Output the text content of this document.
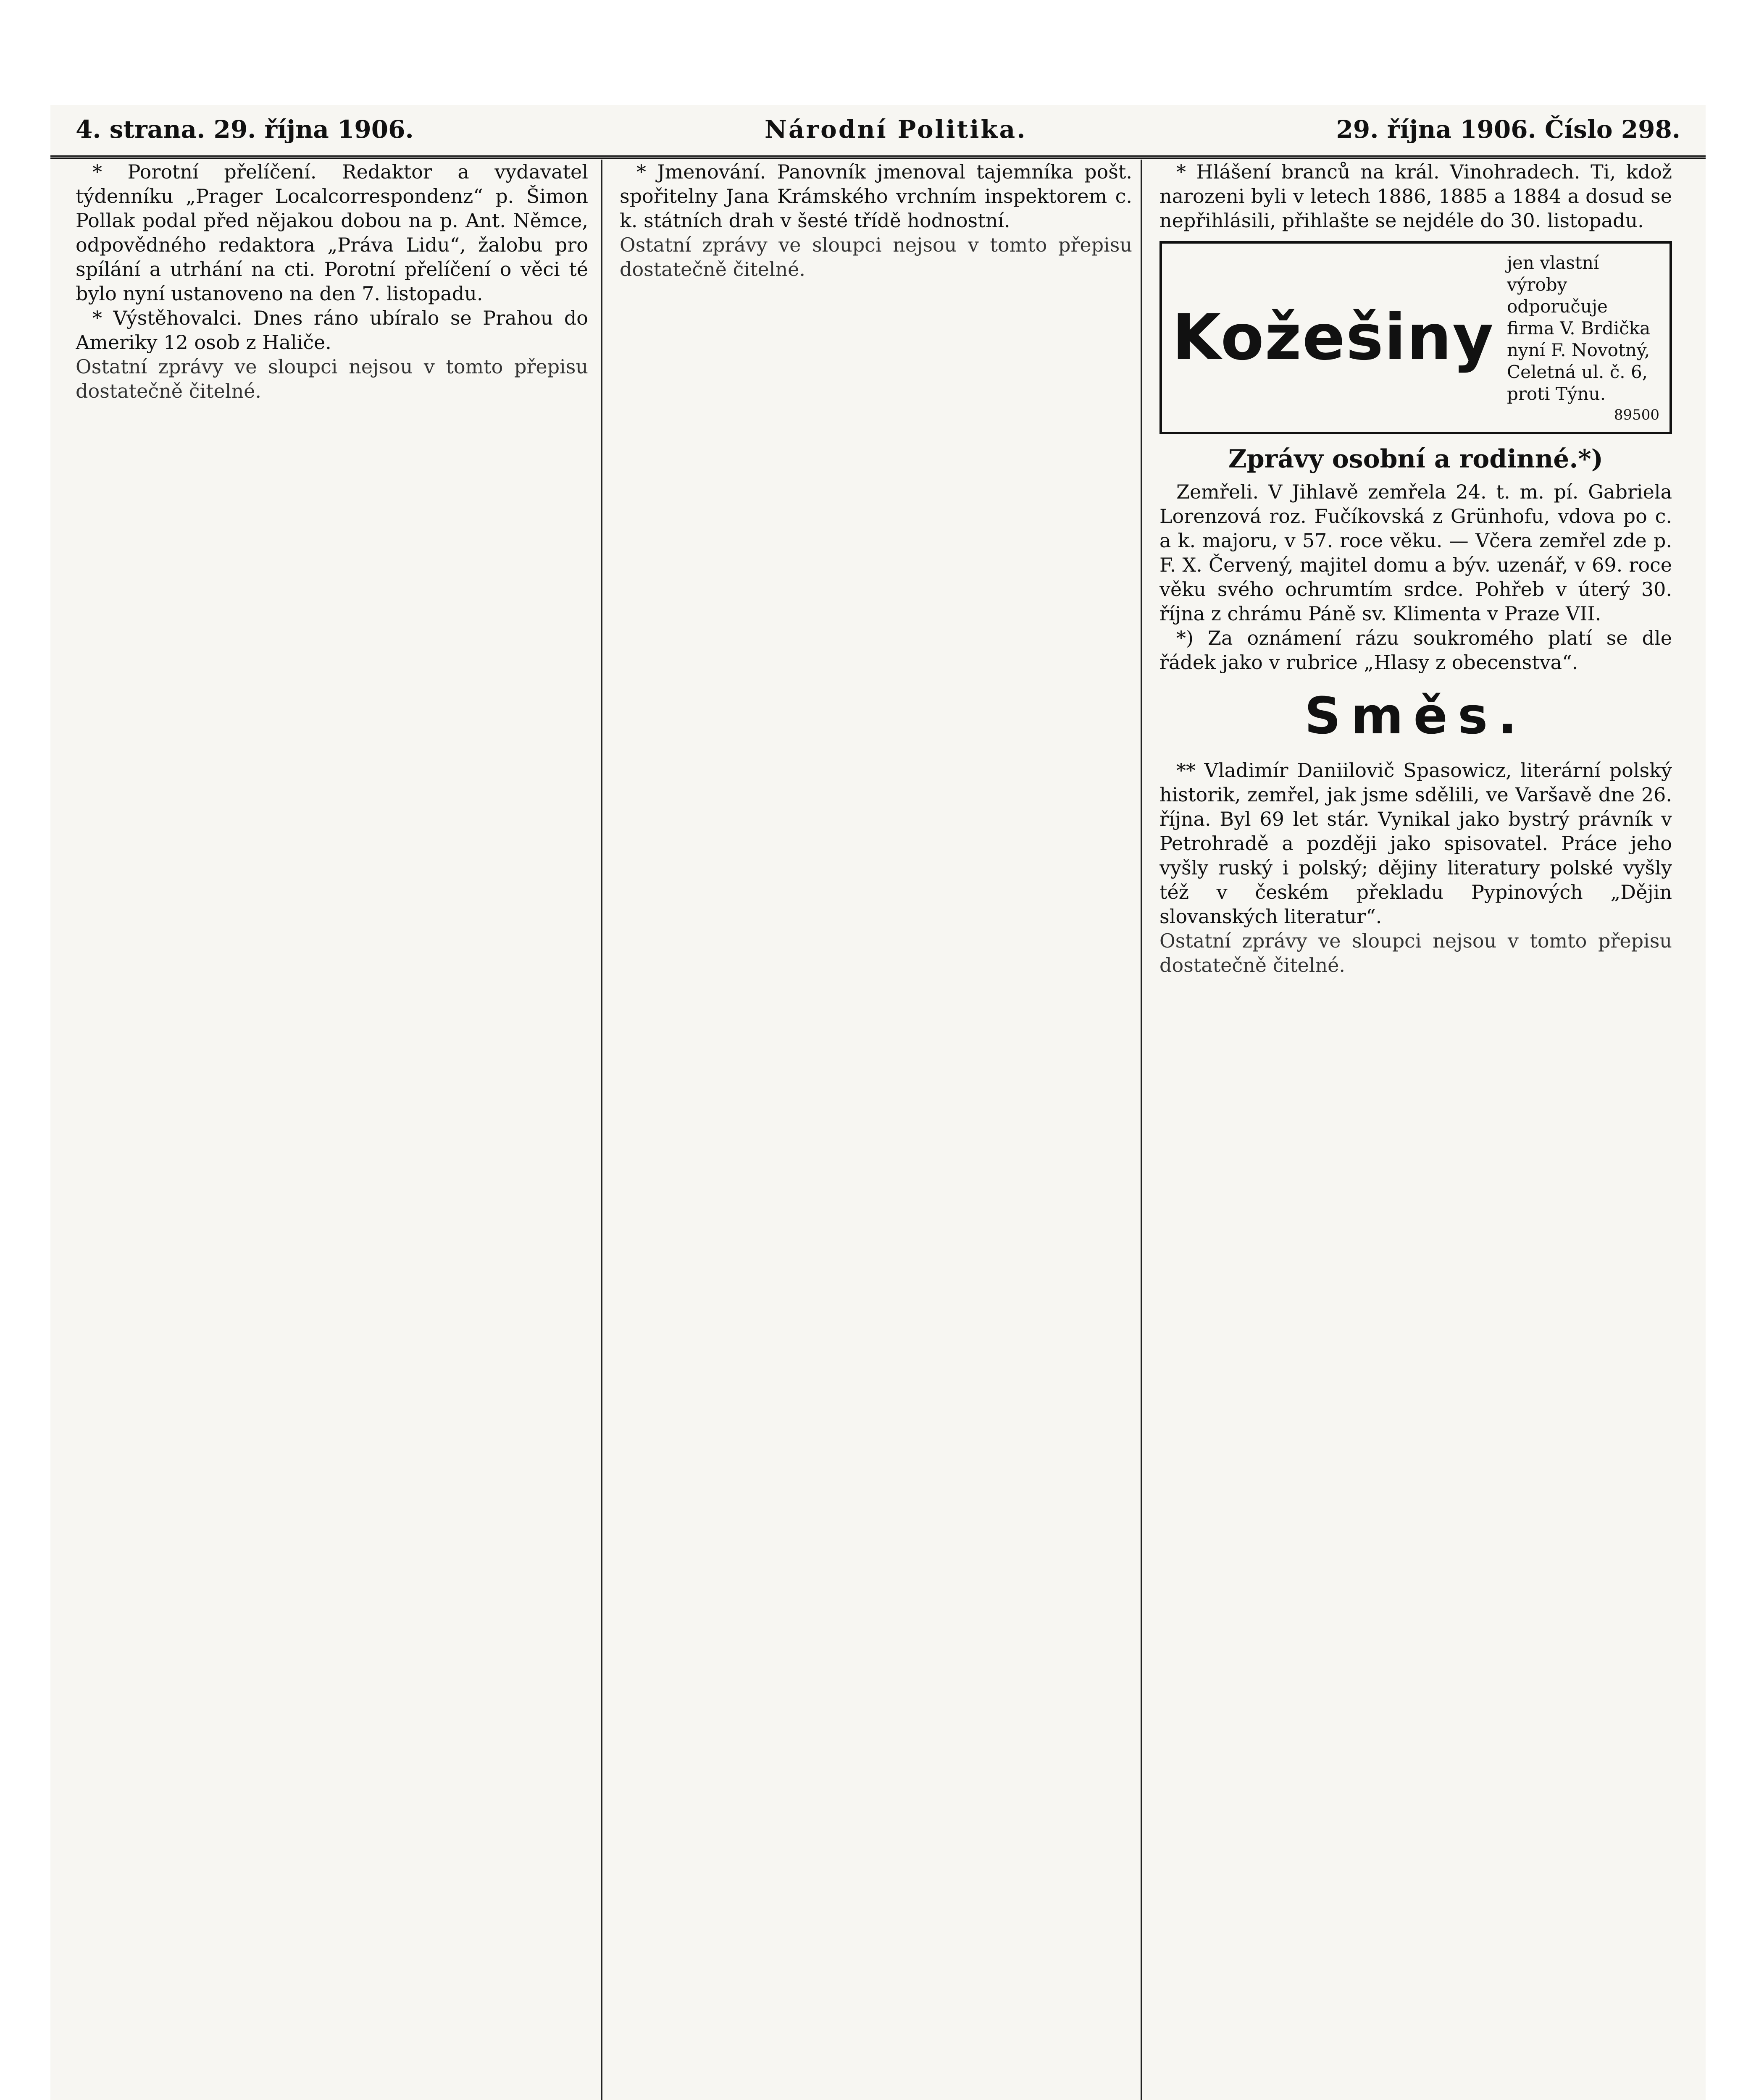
4. strana. 29. října 1906.	Národní Politika.	29. října 1906. Číslo 298.

* Porotní přelíčení. Redaktor a vydavatel týdenníku „Prager Localcorrespondenz“ p. Šimon Pollak podal před nějakou dobou na p. Ant. Němce, odpovědného redaktora „Práva Lidu“, žalobu pro spílání a utrhání na cti. Porotní přelíčení o věci té bylo nyní ustanoveno na den 7. listopadu.

* Výstěhovalci. Dnes ráno ubíralo se Prahou do Ameriky 12 osob z Haliče.

Ostatní zprávy ve sloupci nejsou v tomto přepisu dostatečně čitelné.

* Jmenování. Panovník jmenoval tajemníka pošt. spořitelny Jana Krámského vrchním inspektorem c. k. státních drah v šesté třídě hodnostní.

Ostatní zprávy ve sloupci nejsou v tomto přepisu dostatečně čitelné.

* Hlášení branců na král. Vinohradech. Ti, kdož narozeni byli v letech 1886, 1885 a 1884 a dosud se nepřihlásili, přihlašte se nejdéle do 30. listopadu.

Kožešiny
jen vlastní výroby odporučuje firma V. Brdička nyní F. Novotný, Celetná ul. č. 6, proti Týnu.
89500
Zprávy osobní a rodinné.*)

Zemřeli. V Jihlavě zemřela 24. t. m. pí. Gabriela Lorenzová roz. Fučíkovská z Grünhofu, vdova po c. a k. majoru, v 57. roce věku. — Včera zemřel zde p. F. X. Červený, majitel domu a býv. uzenář, v 69. roce věku svého ochrumtím srdce. Pohřeb v úterý 30. října z chrámu Páně sv. Klimenta v Praze VII.

*) Za oznámení rázu soukromého platí se dle řádek jako v rubrice „Hlasy z obecenstva“.

Směs.

** Vladimír Daniilovič Spasowicz, literární polský historik, zemřel, jak jsme sdělili, ve Varšavě dne 26. října. Byl 69 let stár. Vynikal jako bystrý právník v Petrohradě a později jako spisovatel. Práce jeho vyšly ruský i polský; dějiny literatury polské vyšly též v českém překladu Pypinových „Dějin slovanských literatur“.

Ostatní zprávy ve sloupci nejsou v tomto přepisu dostatečně čitelné.
